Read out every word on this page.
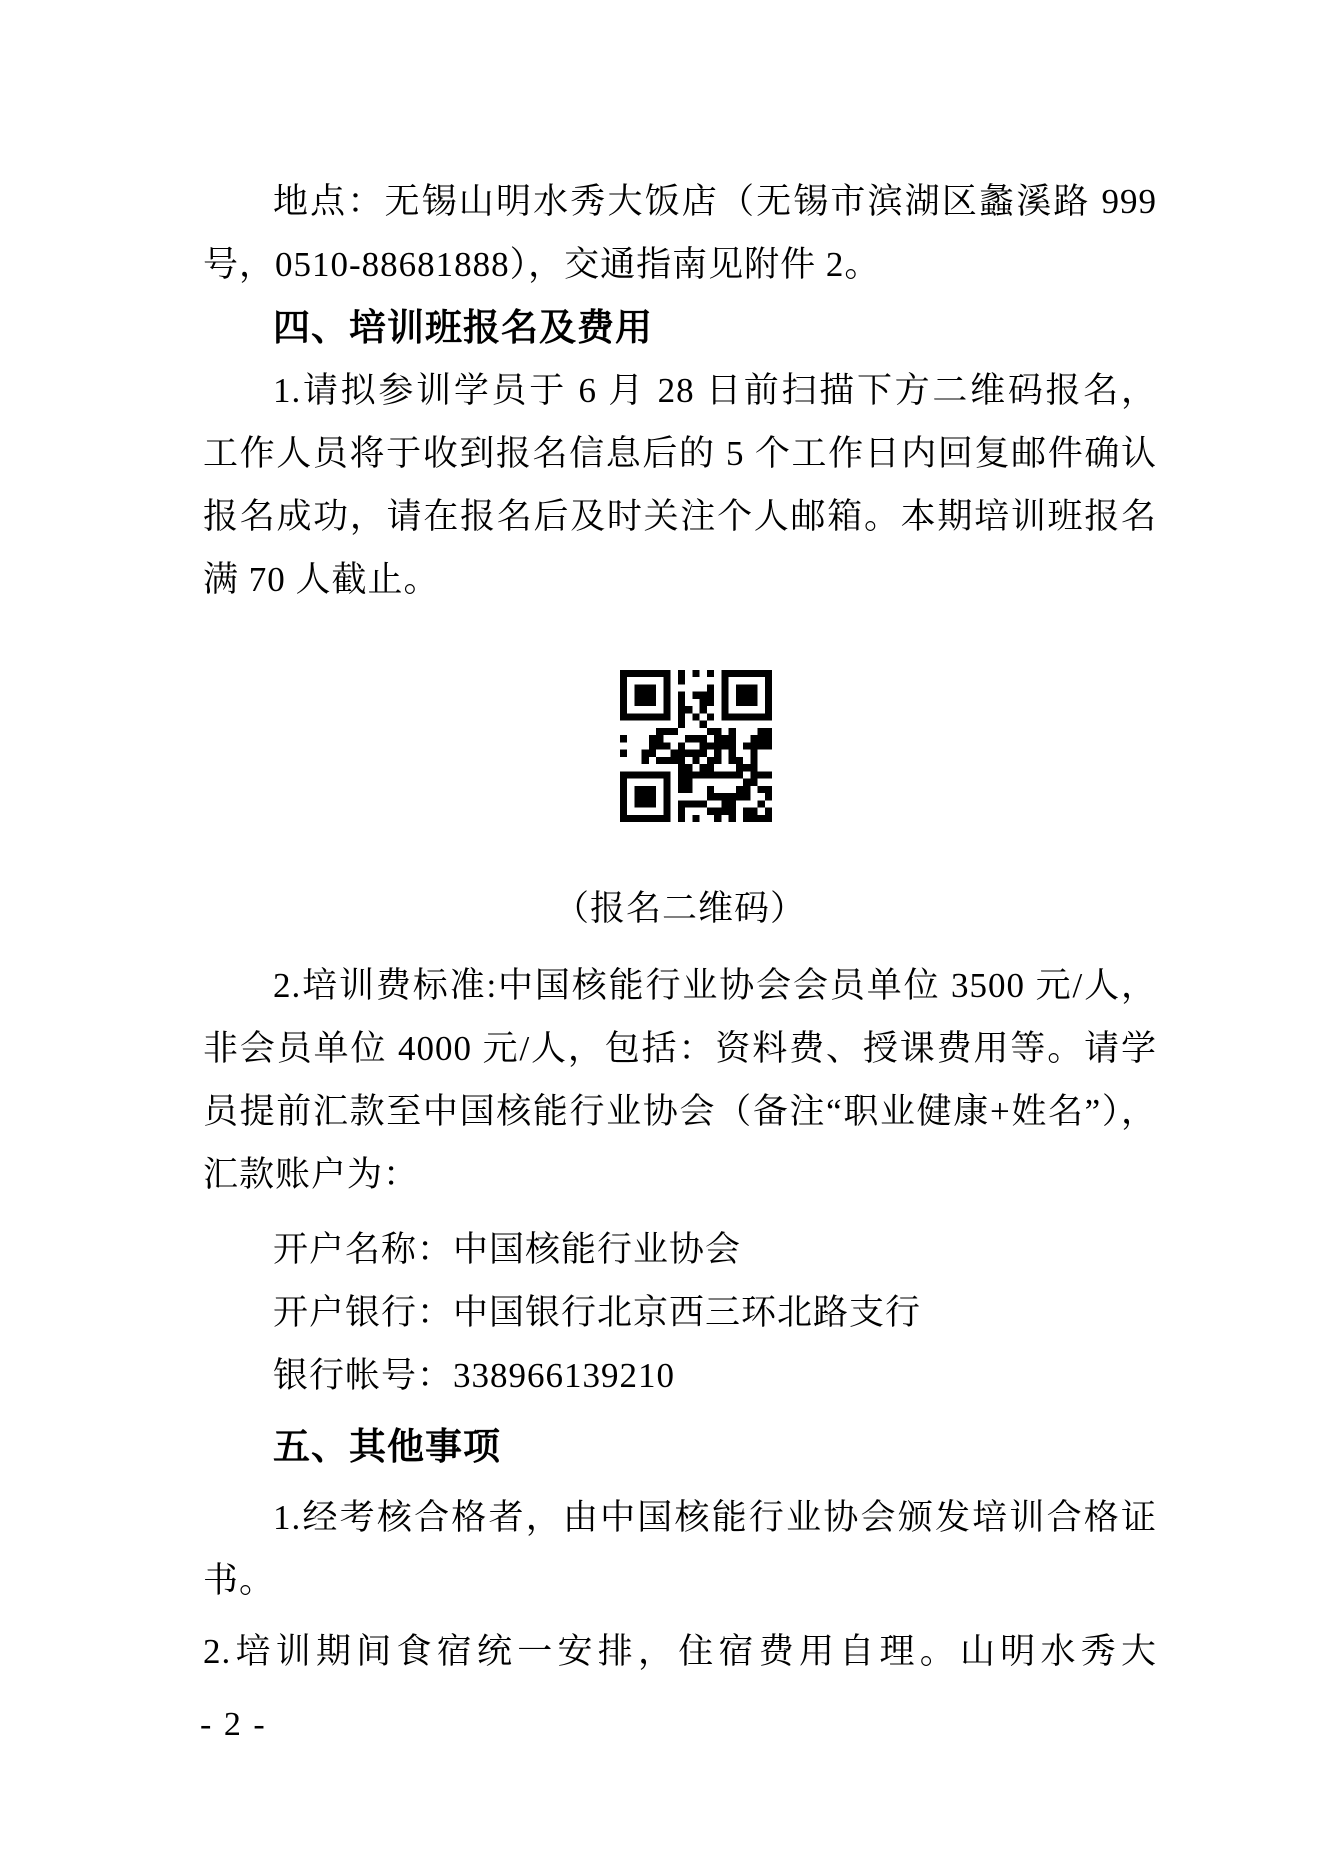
地点：无锡山明水秀大饭店（无锡市滨湖区蠡溪路 999
号，0510-88681888），交通指南见附件 2。
四、培训班报名及费用
1.请拟参训学员于 6 月 28 日前扫描下方二维码报名，
工作人员将于收到报名信息后的 5 个工作日内回复邮件确认
报名成功，请在报名后及时关注个人邮箱。本期培训班报名
满 70 人截止。
（报名二维码）
2.培训费标准:中国核能行业协会会员单位 3500 元/人，
非会员单位 4000 元/人，包括：资料费、授课费用等。请学
员提前汇款至中国核能行业协会（备注“职业健康+姓名”），
汇款账户为：
开户名称：中国核能行业协会
开户银行：中国银行北京西三环北路支行
银行帐号：338966139210
五、其他事项
1.经考核合格者，由中国核能行业协会颁发培训合格证
书。
2.培训期间食宿统一安排，住宿费用自理。山明水秀大
- 2 -
